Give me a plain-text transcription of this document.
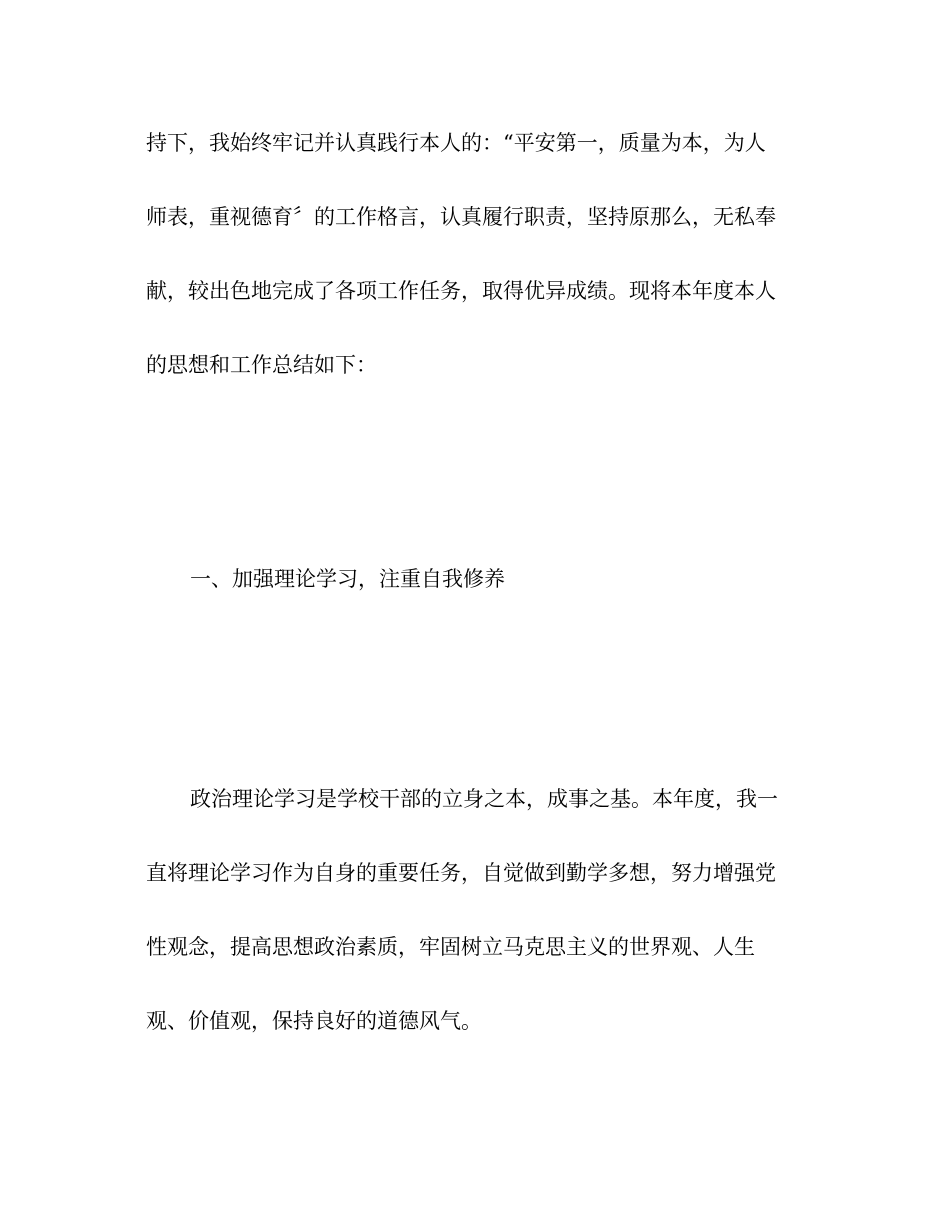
持下，我始终牢记并认真践行本人的：“平安第一，质量为本，为人
师表，重视德育〞的工作格言，认真履行职责，坚持原那么，无私奉
献，较出色地完成了各项工作任务，取得优异成绩。现将本年度本人
的思想和工作总结如下：
一、加强理论学习，注重自我修养
政治理论学习是学校干部的立身之本，成事之基。本年度，我一
直将理论学习作为自身的重要任务，自觉做到勤学多想，努力增强党
性观念，提高思想政治素质，牢固树立马克思主义的世界观、人生
观、价值观，保持良好的道德风气。
